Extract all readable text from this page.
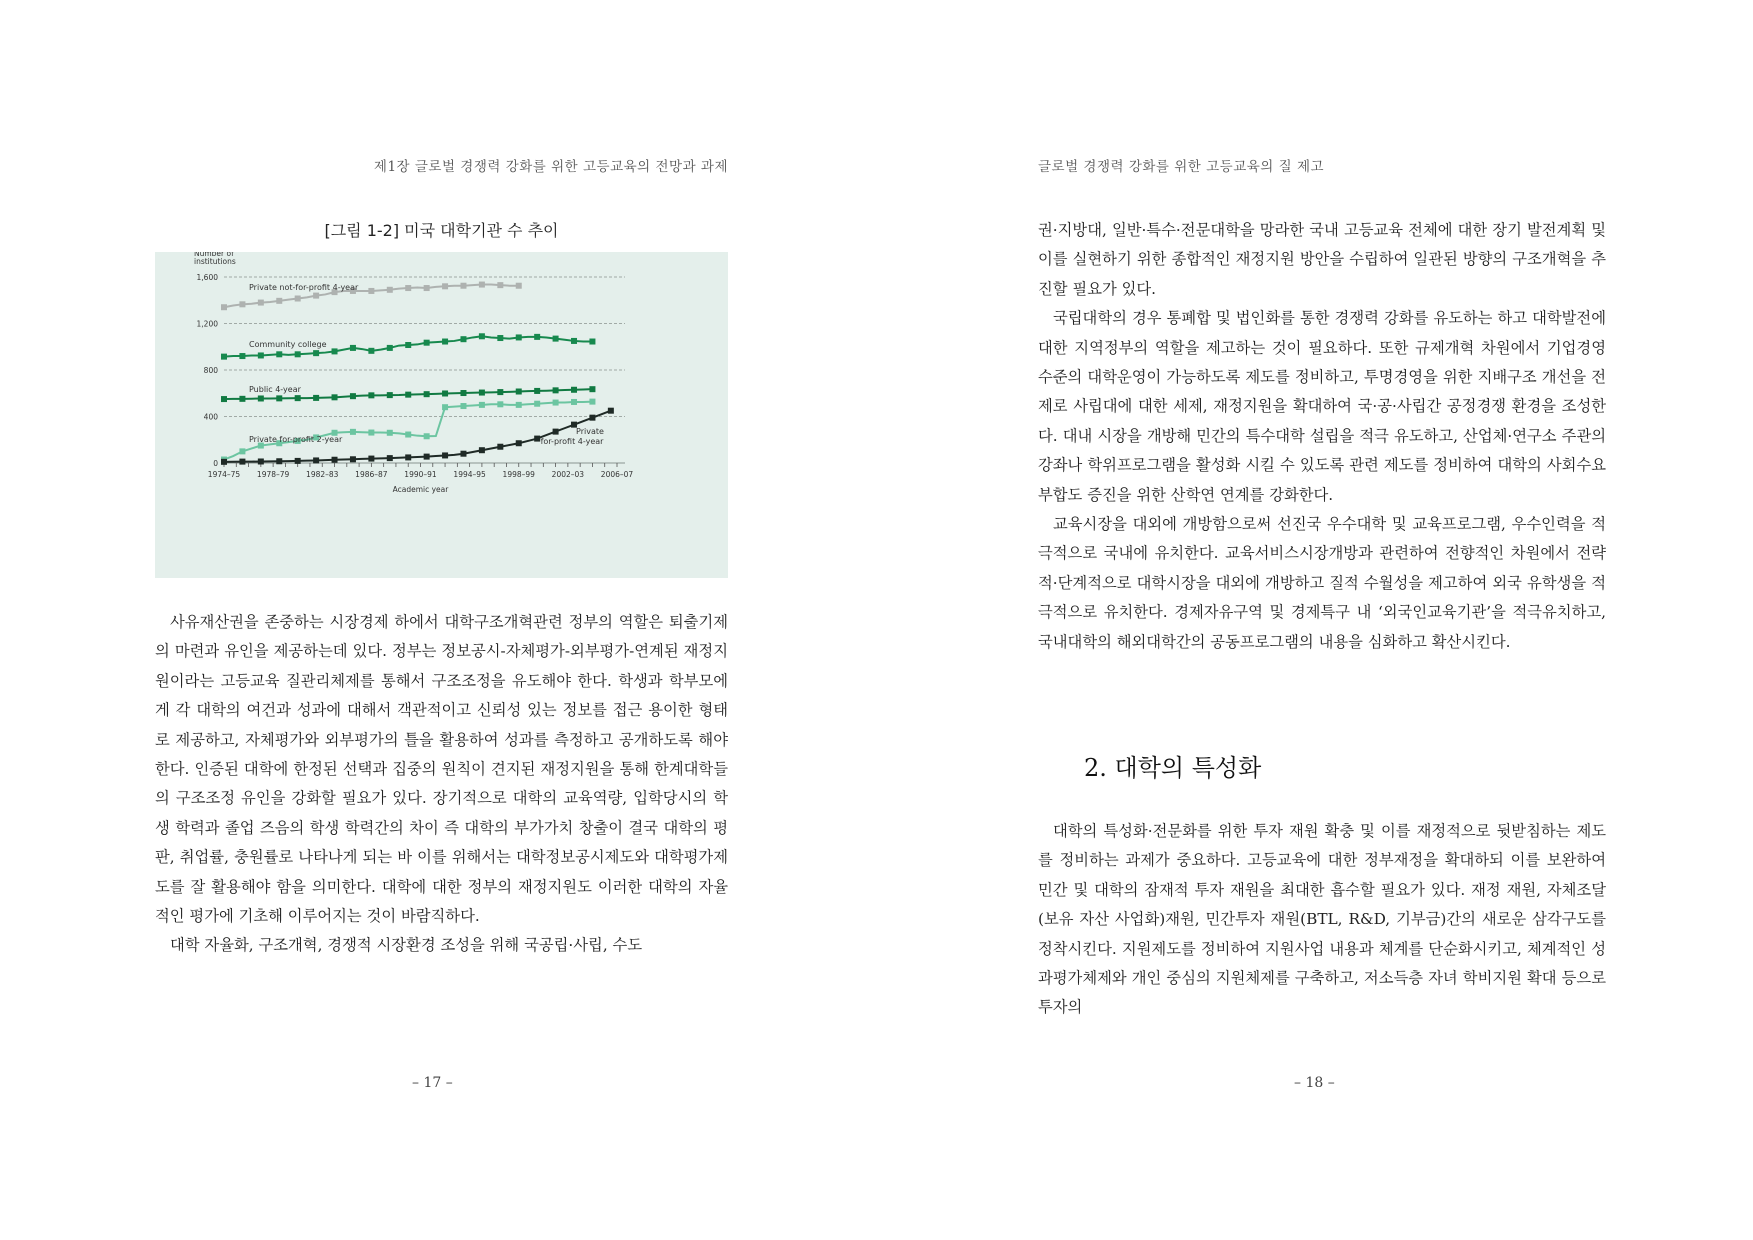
제1장 글로벌 경쟁력 강화를 위한 고등교육의 전망과 과제
[그림 1-2] 미국 대학기관 수 추이
Number of
institutions
0
400
800
1,200
1,600
1974–75 1978–79 1982–83 1986–87 1990–91 1994–95 1998–99 2002–03 2006–07
Academic year
Private not-for-profit 4-year
Community college
Public 4-year
Private for-profit 2-year
Private
for-profit 4-year

사유재산권을 존중하는 시장경제 하에서 대학구조개혁관련 정부의 역할은 퇴출기제의 마련과 유인을 제공하는데 있다. 정부는 정보공시-자체평가-외부평가-연계된 재정지원이라는 고등교육 질관리체제를 통해서 구조조정을 유도해야 한다. 학생과 학부모에게 각 대학의 여건과 성과에 대해서 객관적이고 신뢰성 있는 정보를 접근 용이한 형태로 제공하고, 자체평가와 외부평가의 틀을 활용하여 성과를 측정하고 공개하도록 해야 한다. 인증된 대학에 한정된 선택과 집중의 원칙이 견지된 재정지원을 통해 한계대학들의 구조조정 유인을 강화할 필요가 있다. 장기적으로 대학의 교육역량, 입학당시의 학생 학력과 졸업 즈음의 학생 학력간의 차이 즉 대학의 부가가치 창출이 결국 대학의 평판, 취업률, 충원률로 나타나게 되는 바 이를 위해서는 대학정보공시제도와 대학평가제도를 잘 활용해야 함을 의미한다. 대학에 대한 정부의 재정지원도 이러한 대학의 자율적인 평가에 기초해 이루어지는 것이 바람직하다.

대학 자율화, 구조개혁, 경쟁적 시장환경 조성을 위해 국공립·사립, 수도

– 17 –
글로벌 경쟁력 강화를 위한 고등교육의 질 제고

권·지방대, 일반·특수·전문대학을 망라한 국내 고등교육 전체에 대한 장기 발전계획 및 이를 실현하기 위한 종합적인 재정지원 방안을 수립하여 일관된 방향의 구조개혁을 추진할 필요가 있다.

국립대학의 경우 통폐합 및 법인화를 통한 경쟁력 강화를 유도하는 하고 대학발전에 대한 지역정부의 역할을 제고하는 것이 필요하다. 또한 규제개혁 차원에서 기업경영 수준의 대학운영이 가능하도록 제도를 정비하고, 투명경영을 위한 지배구조 개선을 전제로 사립대에 대한 세제, 재정지원을 확대하여 국·공·사립간 공정경쟁 환경을 조성한다. 대내 시장을 개방해 민간의 특수대학 설립을 적극 유도하고, 산업체·연구소 주관의 강좌나 학위프로그램을 활성화 시킬 수 있도록 관련 제도를 정비하여 대학의 사회수요 부합도 증진을 위한 산학연 연계를 강화한다.

교육시장을 대외에 개방함으로써 선진국 우수대학 및 교육프로그램, 우수인력을 적극적으로 국내에 유치한다. 교육서비스시장개방과 관련하여 전향적인 차원에서 전략적·단계적으로 대학시장을 대외에 개방하고 질적 수월성을 제고하여 외국 유학생을 적극적으로 유치한다. 경제자유구역 및 경제특구 내 ‘외국인교육기관’을 적극유치하고, 국내대학의 해외대학간의 공동프로그램의 내용을 심화하고 확산시킨다.

2. 대학의 특성화

대학의 특성화·전문화를 위한 투자 재원 확충 및 이를 재정적으로 뒷받침하는 제도를 정비하는 과제가 중요하다. 고등교육에 대한 정부재정을 확대하되 이를 보완하여 민간 및 대학의 잠재적 투자 재원을 최대한 흡수할 필요가 있다. 재정 재원, 자체조달(보유 자산 사업화)재원, 민간투자 재원(BTL, R&D, 기부금)간의 새로운 삼각구도를 정착시킨다. 지원제도를 정비하여 지원사업 내용과 체계를 단순화시키고, 체계적인 성과평가체제와 개인 중심의 지원체제를 구축하고, 저소득층 자녀 학비지원 확대 등으로 투자의

– 18 –
